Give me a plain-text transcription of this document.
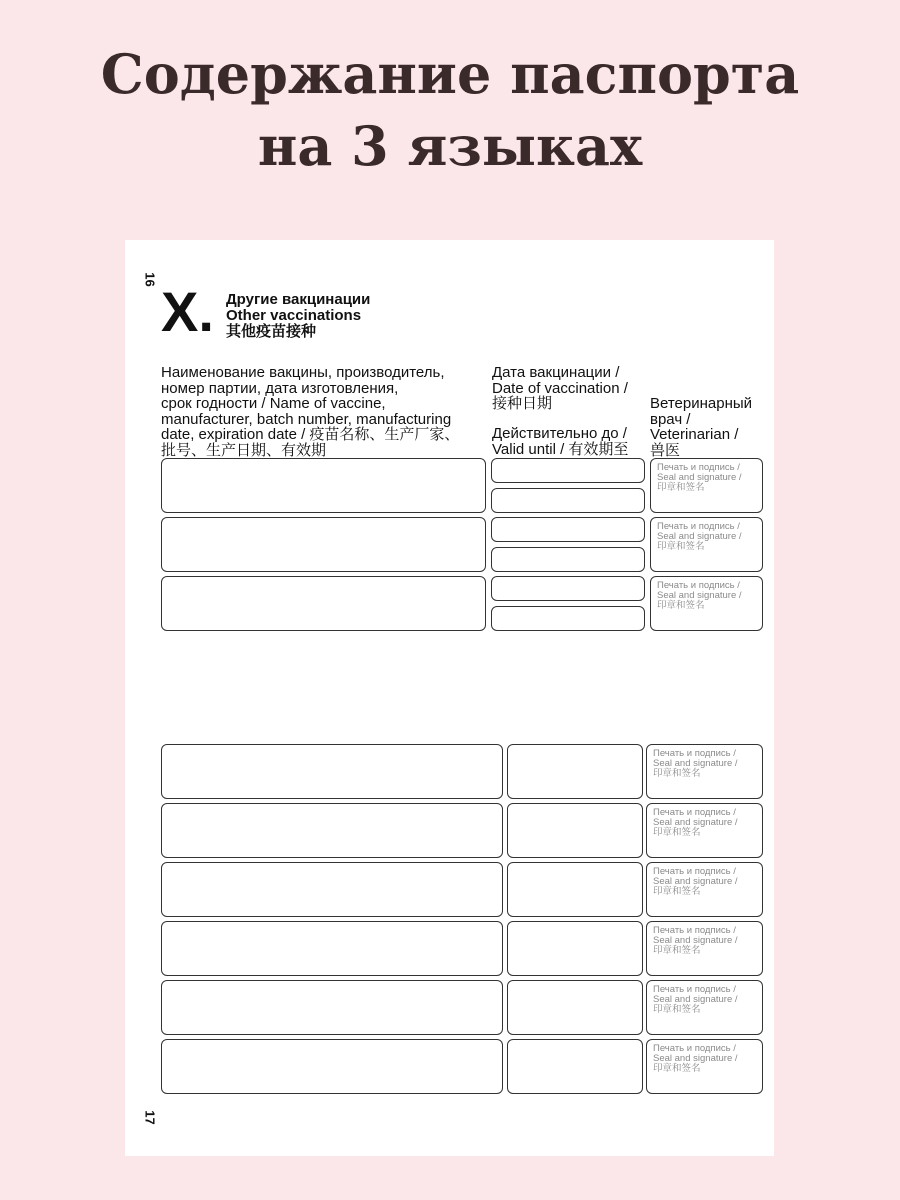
Содержание паспорта
на 3 языках
16
17
X. Другие вакцинации
Other vaccinations
其他疫苗接种
Наименование вакцины, производитель,
номер партии, дата изготовления,
срок годности / Name of vaccine,
manufacturer, batch number, manufacturing
date, expiration date / 疫苗名称、生产厂家、
批号、生产日期、有效期
Дата вакцинации /
Date of vaccination /
接种日期
Действительно до /
Valid until / 有效期至
Ветеринарный
врач /
Veterinarian /
兽医
Печать и подпись /
Seal and signature /
印章和签名
Печать и подпись /
Seal and signature /
印章和签名
Печать и подпись /
Seal and signature /
印章和签名
Печать и подпись /
Seal and signature /
印章和签名
Печать и подпись /
Seal and signature /
印章和签名
Печать и подпись /
Seal and signature /
印章和签名
Печать и подпись /
Seal and signature /
印章和签名
Печать и подпись /
Seal and signature /
印章和签名
Печать и подпись /
Seal and signature /
印章和签名
